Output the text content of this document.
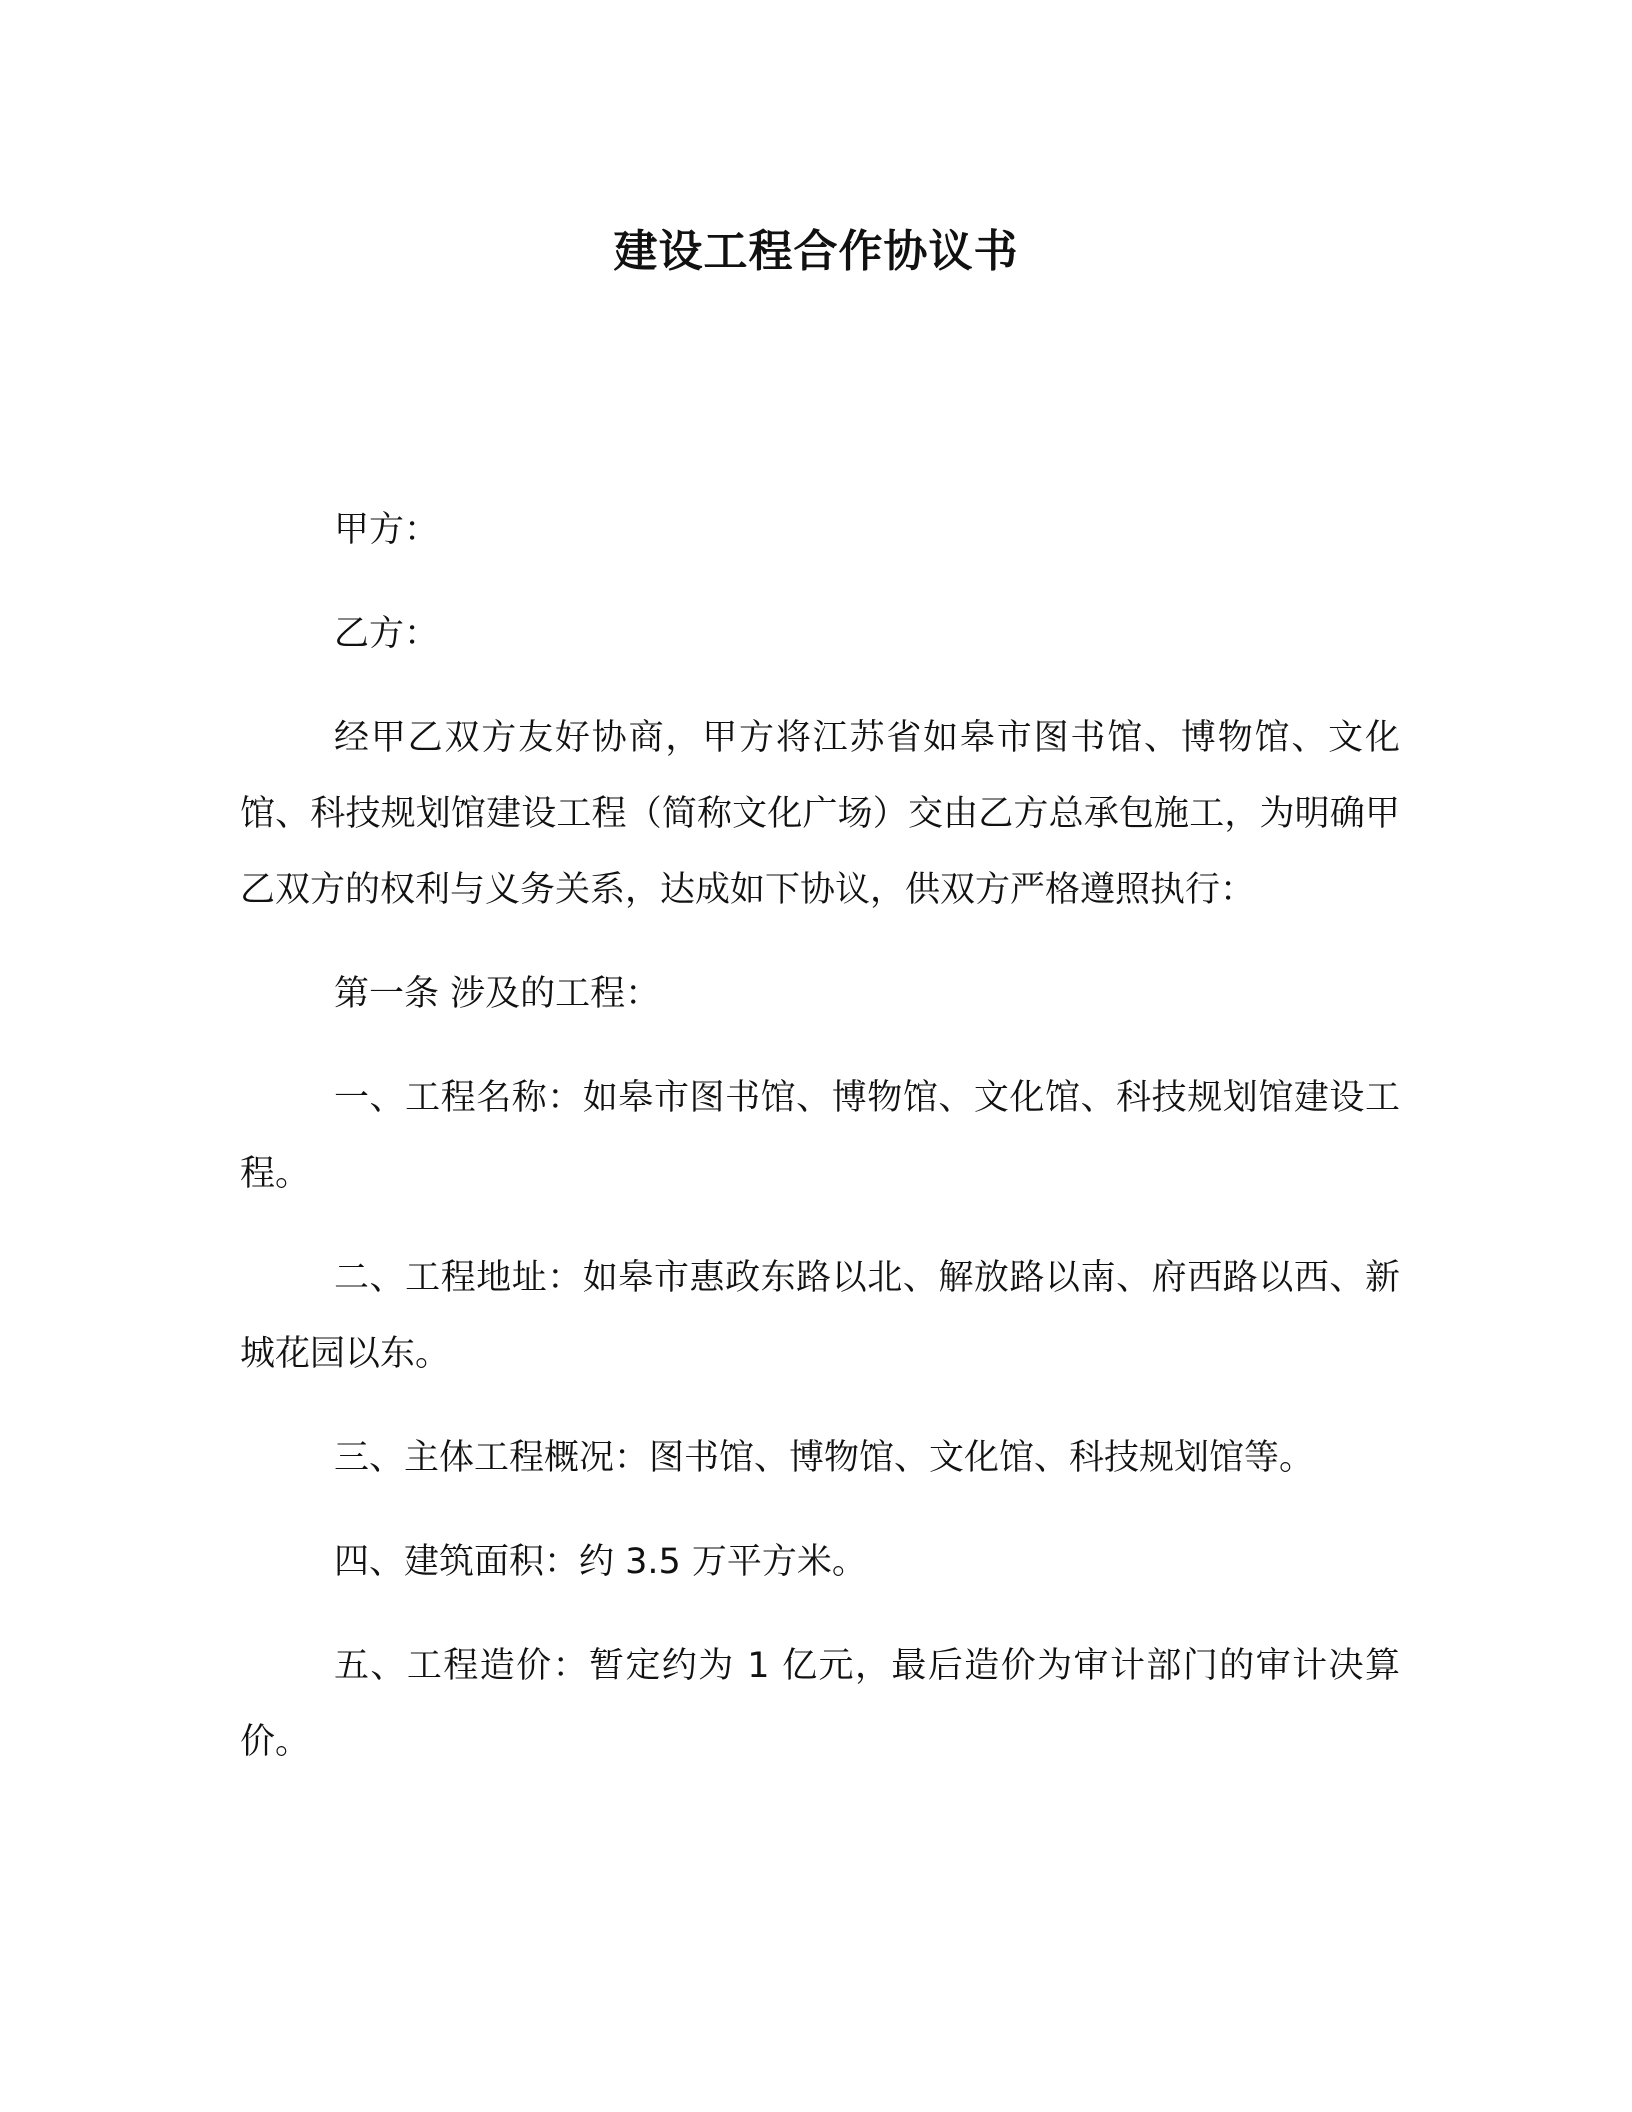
建设工程合作协议书
甲方：
乙方：

经甲乙双方友好协商，甲方将江苏省如皋市图书馆、博物馆、文化馆、科技规划馆建设工程（简称文化广场）交由乙方总承包施工，为明确甲乙双方的权利与义务关系，达成如下协议，供双方严格遵照执行：

第一条 涉及的工程：

一、工程名称：如皋市图书馆、博物馆、文化馆、科技规划馆建设工程。

二、工程地址：如皋市惠政东路以北、解放路以南、府西路以西、新城花园以东。

三、主体工程概况：图书馆、博物馆、文化馆、科技规划馆等。

四、建筑面积：约 3.5 万平方米。

五、工程造价：暂定约为 1 亿元，最后造价为审计部门的审计决算价。
